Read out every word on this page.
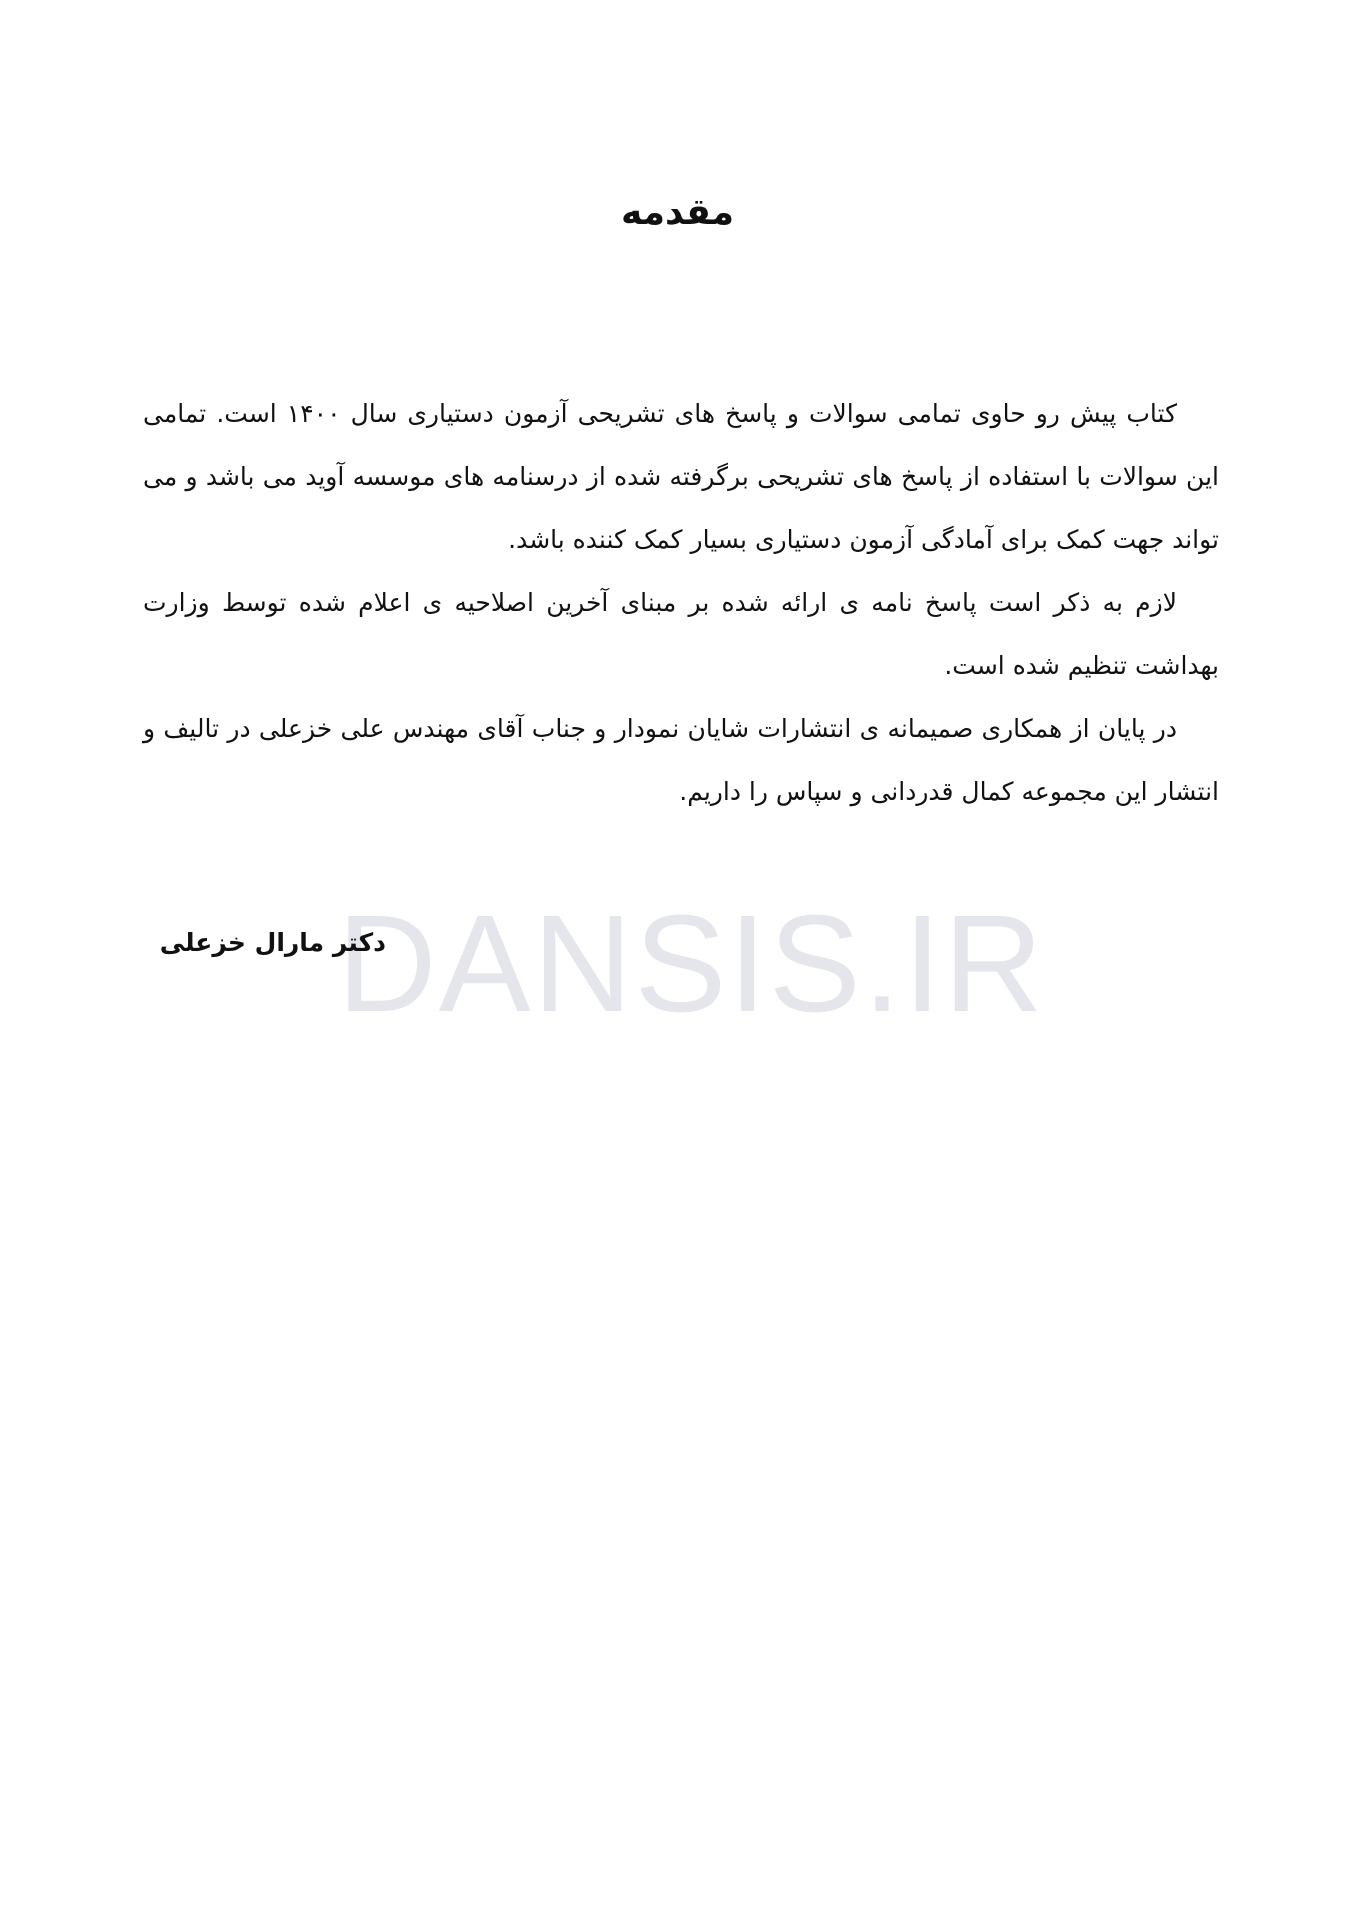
DANSIS.IR
مقدمه

کتاب پیش رو حاوی تمامی سوالات و پاسخ های تشریحی آزمون دستیاری سال ۱۴۰۰ است. تمامی این سوالات با استفاده از پاسخ های تشریحی برگرفته شده از درسنامه های موسسه آوید می باشد و می تواند جهت کمک برای آمادگی آزمون دستیاری بسیار کمک کننده باشد.

لازم به ذکر است پاسخ نامه ی ارائه شده بر مبنای آخرین اصلاحیه ی اعلام شده توسط وزارت بهداشت تنظیم شده است.

در پایان از همکاری صمیمانه ی انتشارات شایان نمودار و جناب آقای مهندس علی خزعلی در تالیف و انتشار این مجموعه کمال قدردانی و سپاس را داریم.

دکتر مارال خزعلی
